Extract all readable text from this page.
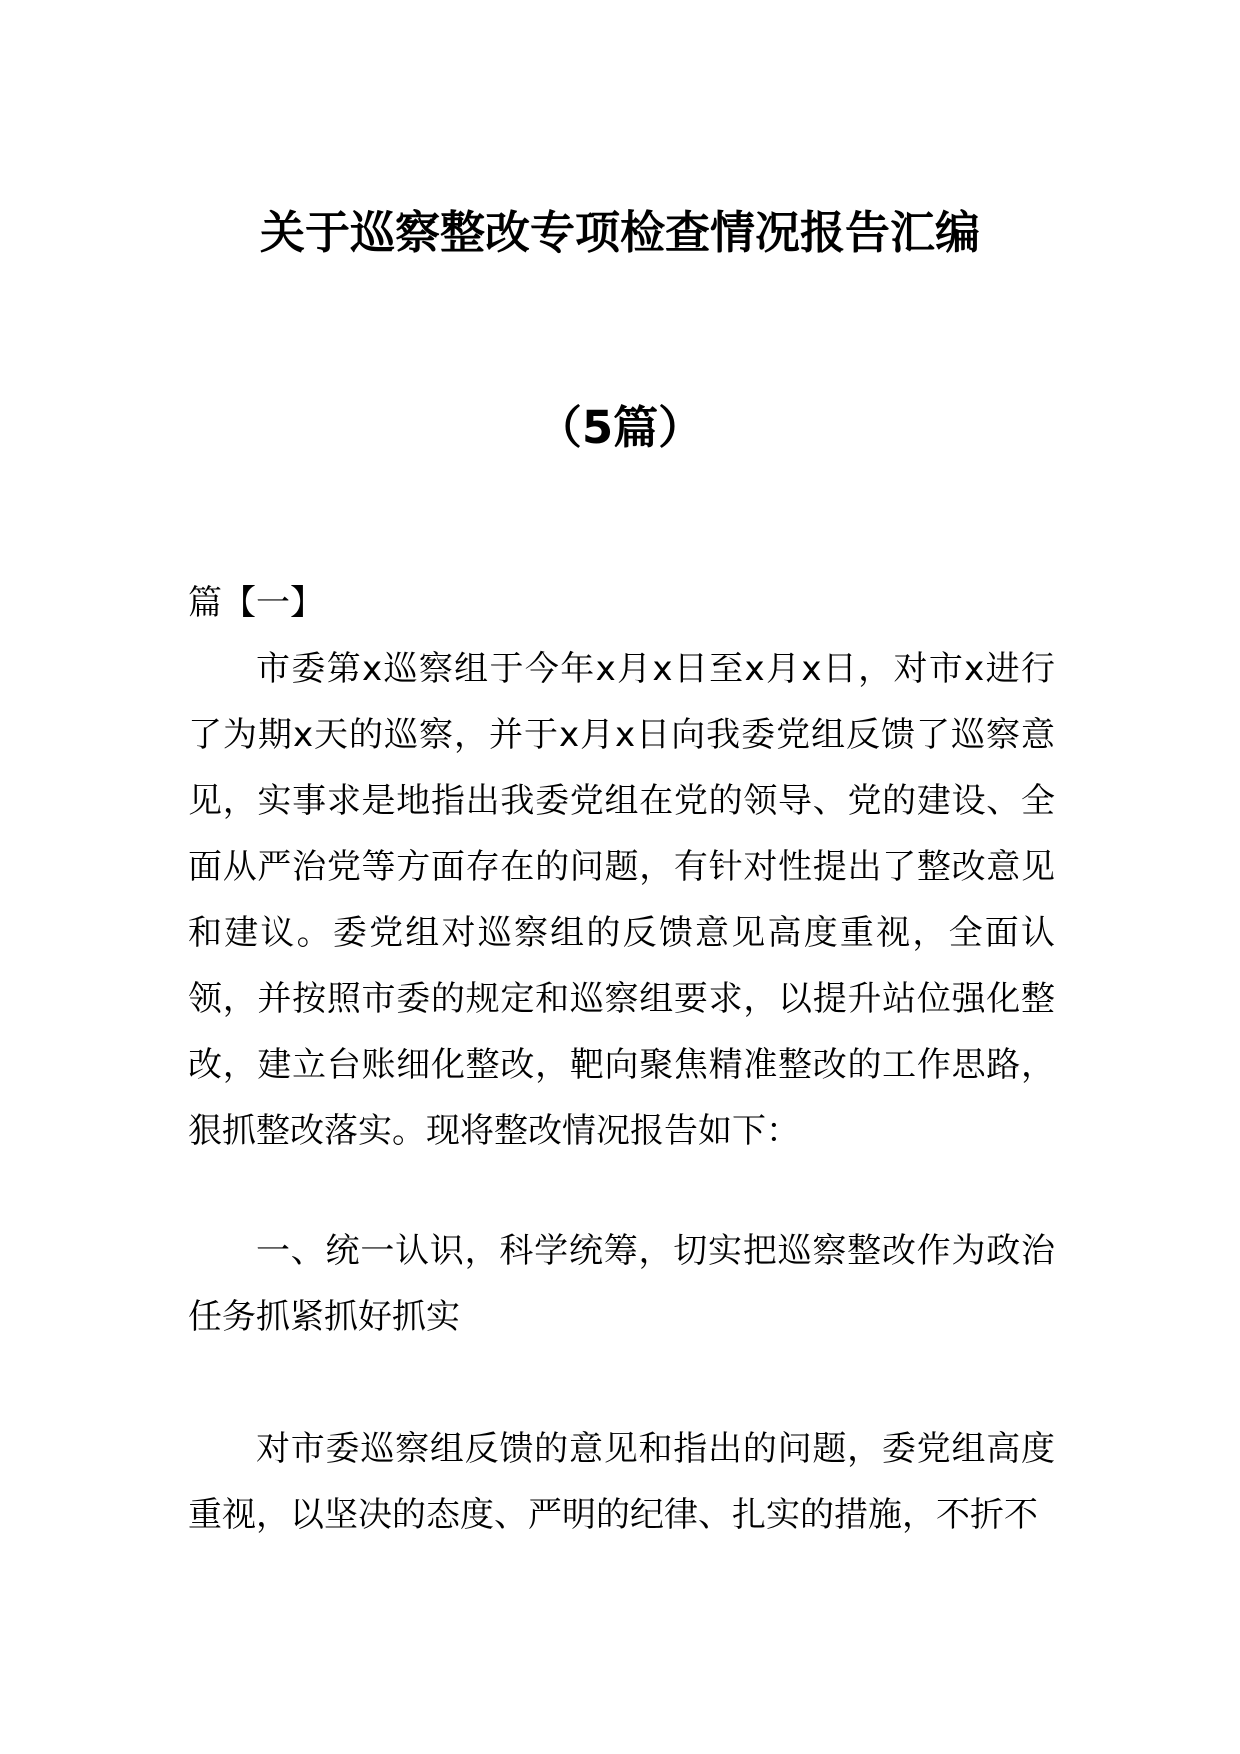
关于巡察整改专项检查情况报告汇编
（5篇）

篇【一】

市委第x巡察组于今年x月x日至x月x日，对市x进行了为期x天的巡察，并于x月x日向我委党组反馈了巡察意见，实事求是地指出我委党组在党的领导、党的建设、全面从严治党等方面存在的问题，有针对性提出了整改意见和建议。委党组对巡察组的反馈意见高度重视，全面认领，并按照市委的规定和巡察组要求，以提升站位强化整改，建立台账细化整改，靶向聚焦精准整改的工作思路，狠抓整改落实。现将整改情况报告如下：

一、统一认识，科学统筹，切实把巡察整改作为政治任务抓紧抓好抓实

对市委巡察组反馈的意见和指出的问题，委党组高度重视，以坚决的态度、严明的纪律、扎实的措施，不折不
